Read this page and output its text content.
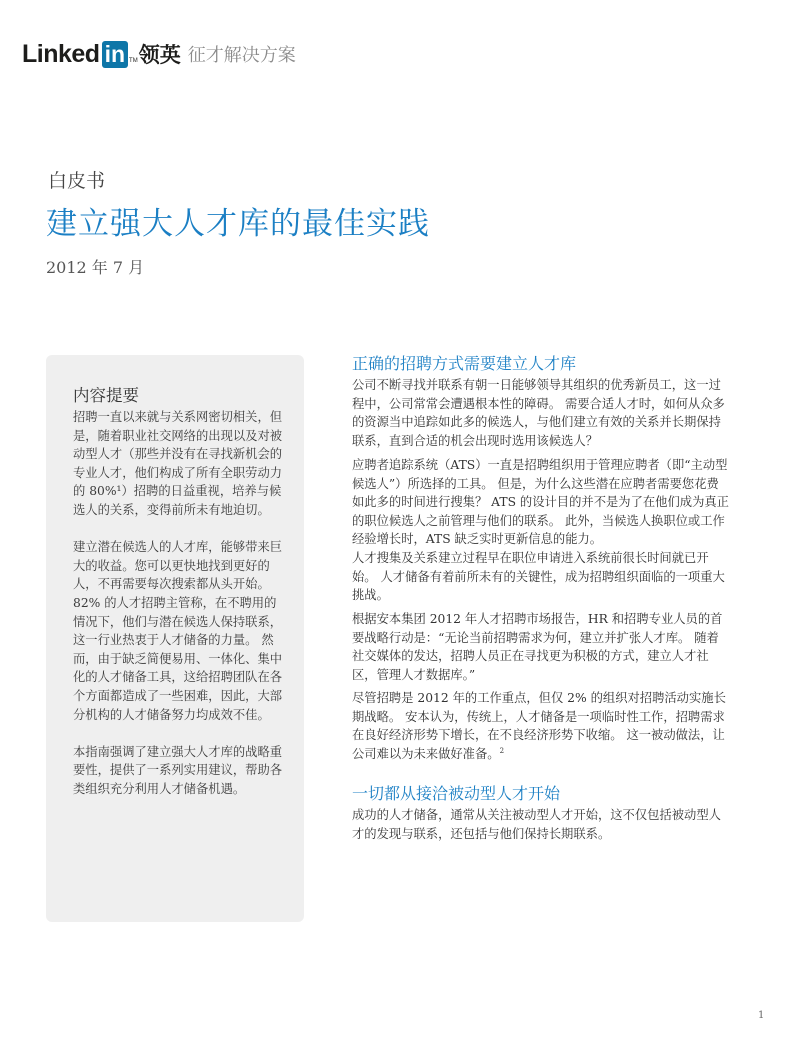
Linked in TM 领英 征才解决方案
白皮书
建立强大人才库的最佳实践
2012 年 7 月
内容提要

招聘一直以来就与关系网密切相关，但是，随着职业社交网络的出现以及对被动型人才（那些并没有在寻找新机会的专业人才，他们构成了所有全职劳动力的 80%¹）招聘的日益重视，培养与候选人的关系，变得前所未有地迫切。

建立潜在候选人的人才库，能够带来巨大的收益。您可以更快地找到更好的人，不再需要每次搜索都从头开始。 82% 的人才招聘主管称，在不聘用的情况下，他们与潜在候选人保持联系，这一行业热衷于人才储备的力量。 然而，由于缺乏简便易用、一体化、集中化的人才储备工具，这给招聘团队在各个方面都造成了一些困难，因此，大部分机构的人才储备努力均成效不佳。

本指南强调了建立强大人才库的战略重要性，提供了一系列实用建议，帮助各类组织充分利用人才储备机遇。

正确的招聘方式需要建立人才库

公司不断寻找并联系有朝一日能够领导其组织的优秀新员工，这一过程中，公司常常会遭遇根本性的障碍。 需要合适人才时，如何从众多的资源当中追踪如此多的候选人，与他们建立有效的关系并长期保持联系，直到合适的机会出现时选用该候选人？

应聘者追踪系统（ATS）一直是招聘组织用于管理应聘者（即“主动型候选人”）所选择的工具。 但是，为什么这些潜在应聘者需要您花费如此多的时间进行搜集？ ATS 的设计目的并不是为了在他们成为真正的职位候选人之前管理与他们的联系。 此外，当候选人换职位或工作经验增长时，ATS 缺乏实时更新信息的能力。

人才搜集及关系建立过程早在职位申请进入系统前很长时间就已开始。 人才储备有着前所未有的关键性，成为招聘组织面临的一项重大挑战。

根据安本集团 2012 年人才招聘市场报告，HR 和招聘专业人员的首要战略行动是：“无论当前招聘需求为何，建立并扩张人才库。 随着社交媒体的发达，招聘人员正在寻找更为积极的方式，建立人才社区，管理人才数据库。”

尽管招聘是 2012 年的工作重点，但仅 2% 的组织对招聘活动实施长期战略。 安本认为，传统上，人才储备是一项临时性工作，招聘需求在良好经济形势下增长，在不良经济形势下收缩。 这一被动做法，让公司难以为未来做好准备。$^2$

一切都从接洽被动型人才开始

成功的人才储备，通常从关注被动型人才开始，这不仅包括被动型人才的发现与联系，还包括与他们保持长期联系。

1
